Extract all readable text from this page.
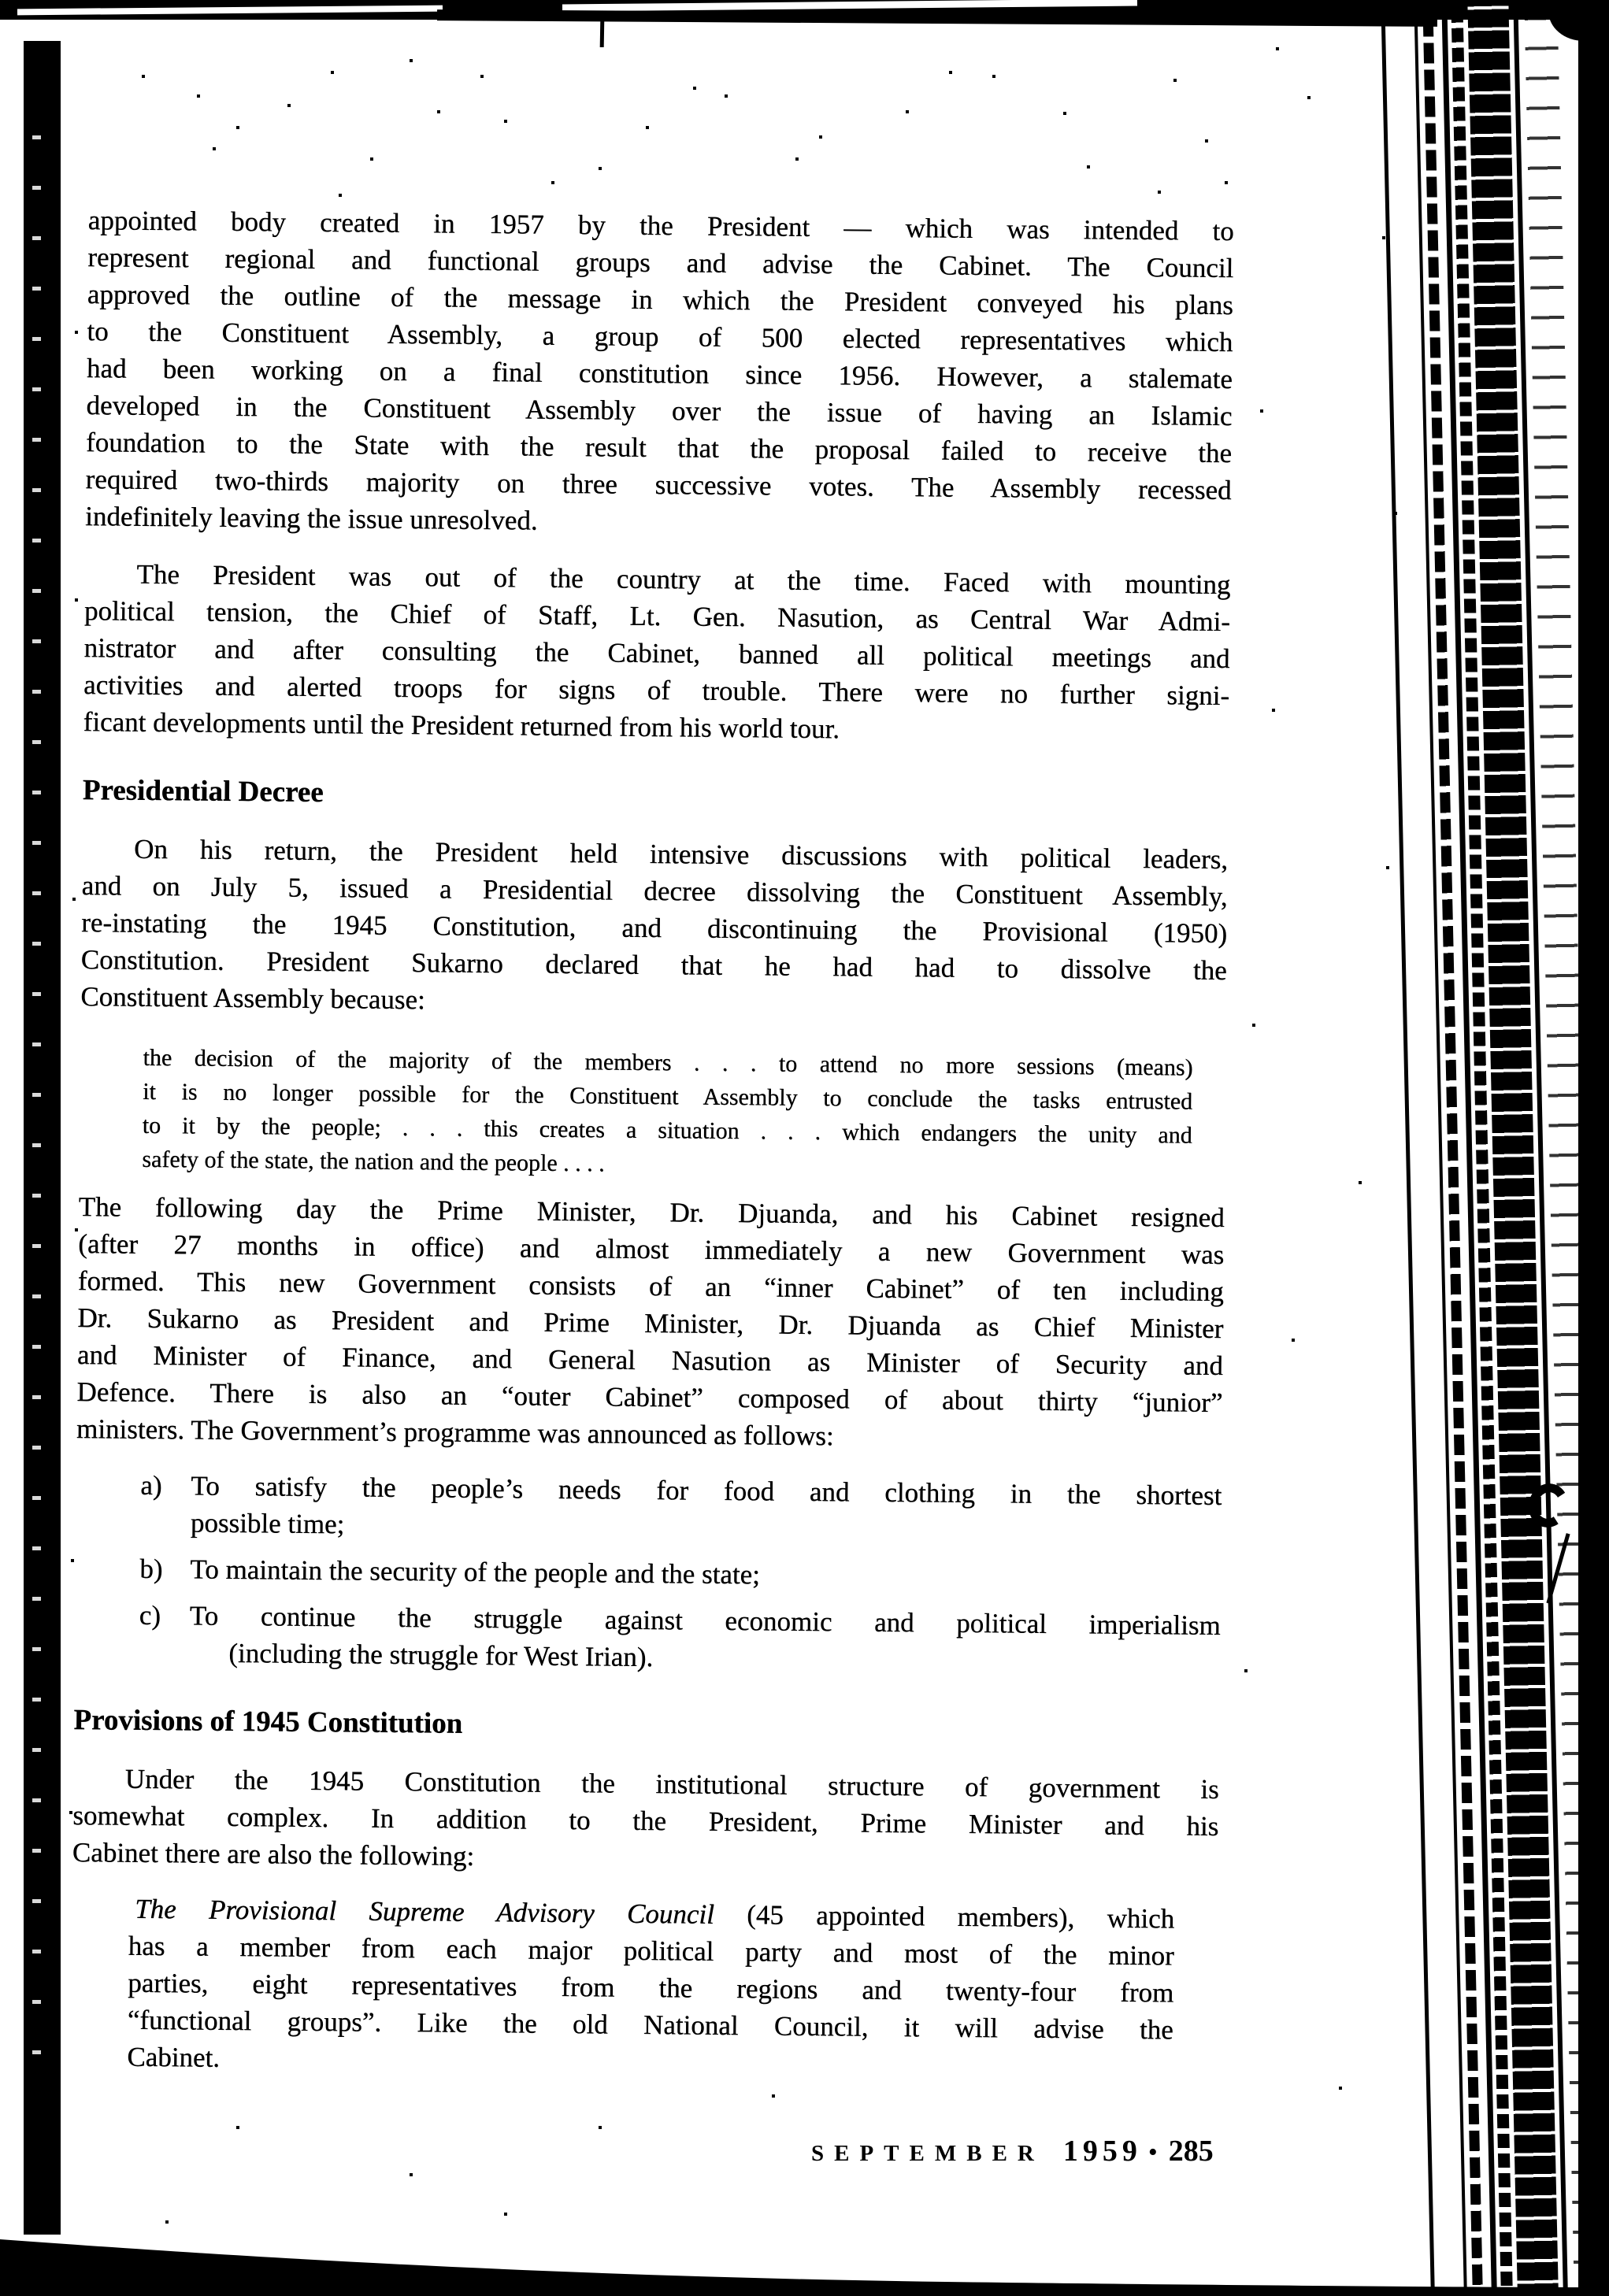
appointed body created in 1957 by the President — which was intended to
represent regional and functional groups and advise the Cabinet. The Council
approved the outline of the message in which the President conveyed his plans
to the Constituent Assembly, a group of 500 elected representatives which
had been working on a final constitution since 1956. However, a stalemate
developed in the Constituent Assembly over the issue of having an Islamic
foundation to the State with the result that the proposal failed to receive the
required two-thirds majority on three successive votes. The Assembly recessed
indefinitely leaving the issue unresolved.
The President was out of the country at the time. Faced with mounting
political tension, the Chief of Staff, Lt. Gen. Nasution, as Central War Admi-
nistrator and after consulting the Cabinet, banned all political meetings and
activities and alerted troops for signs of trouble. There were no further signi-
ficant developments until the President returned from his world tour.
Presidential Decree
On his return, the President held intensive discussions with political leaders,
and on July 5, issued a Presidential decree dissolving the Constituent Assembly,
re-instating the 1945 Constitution, and discontinuing the Provisional (1950)
Constitution. President Sukarno declared that he had had to dissolve the
Constituent Assembly because:
the decision of the majority of the members . . . to attend no more sessions (means)
it is no longer possible for the Constituent Assembly to conclude the tasks entrusted
to it by the people; . . . this creates a situation . . . which endangers the unity and
safety of the state, the nation and the people . . . .
The following day the Prime Minister, Dr. Djuanda, and his Cabinet resigned
(after 27 months in office) and almost immediately a new Government was
formed. This new Government consists of an “inner Cabinet” of ten including
Dr. Sukarno as President and Prime Minister, Dr. Djuanda as Chief Minister
and Minister of Finance, and General Nasution as Minister of Security and
Defence. There is also an “outer Cabinet” composed of about thirty “junior”
ministers. The Government’s programme was announced as follows:
a) To satisfy the people’s needs for food and clothing in the shortest
possible time;
b) To maintain the security of the people and the state;
c) To continue the struggle against economic and political imperialism
(including the struggle for West Irian).
Provisions of 1945 Constitution
Under the 1945 Constitution the institutional structure of government is
somewhat complex. In addition to the President, Prime Minister and his
Cabinet there are also the following:
The Provisional Supreme Advisory Council (45 appointed members), which
has a member from each major political party and most of the minor
parties, eight representatives from the regions and twenty-four from
“functional groups”. Like the old National Council, it will advise the
Cabinet.
SEPTEMBER 1959 • 285
